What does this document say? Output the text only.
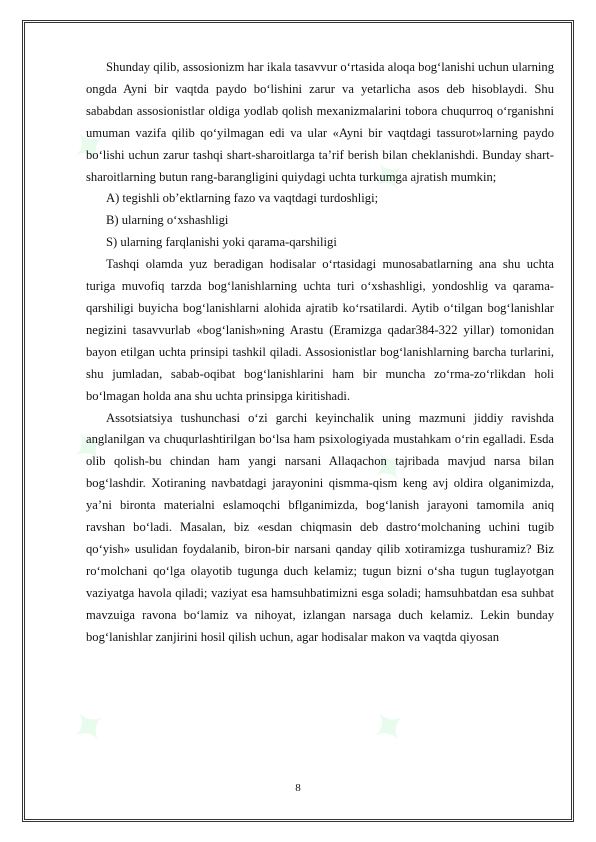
✦	✦
✦	✦
✦	✦

Shunday qilib, assosionizm har ikala tasavvur o‘rtasida aloqa bog‘lanishi uchun ularning ongda Ayni bir vaqtda paydo bo‘lishini zarur va yetarlicha asos deb hisoblaydi. Shu sababdan assosionistlar oldiga yodlab qolish mexanizmalarini tobora chuqurroq o‘rganishni umuman vazifa qilib qo‘yilmagan edi va ular «Ayni bir vaqtdagi tassurot»larning paydo bo‘lishi uchun zarur tashqi shart-sharoitlarga ta’rif berish bilan cheklanishdi. Bunday shart-sharoitlarning butun rang-barangligini quiydagi uchta turkumga ajratish mumkin;

A) tegishli ob’ektlarning fazo va vaqtdagi turdoshligi;

B) ularning o‘xshashligi

S) ularning farqlanishi yoki qarama-qarshiligi

Tashqi olamda yuz beradigan hodisalar o‘rtasidagi munosabatlarning ana shu uchta turiga muvofiq tarzda bog‘lanishlarning uchta turi o‘xshashligi, yondoshlig va qarama- qarshiligi buyicha bog‘lanishlarni alohida ajratib ko‘rsatilardi. Aytib o‘tilgan bog‘lanishlar negizini tasavvurlab «bog‘lanish»ning Arastu (Eramizga qadar384-322 yillar) tomonidan bayon etilgan uchta prinsipi tashkil qiladi. Assosionistlar bog‘lanishlarning barcha turlarini, shu jumladan, sabab-oqibat bog‘lanishlarini ham bir muncha zo‘rma-zo‘rlikdan holi bo‘lmagan holda ana shu uchta prinsipga kiritishadi.

Assotsiatsiya tushunchasi o‘zi garchi keyinchalik uning mazmuni jiddiy ravishda anglanilgan va chuqurlashtirilgan bo‘lsa ham psixologiyada mustahkam o‘rin egalladi. Esda olib qolish-bu chindan ham yangi narsani Allaqachon tajribada mavjud narsa bilan bog‘lashdir. Xotiraning navbatdagi jarayonini qismma-qism keng avj oldira olganimizda, ya’ni bironta materialni eslamoqchi bflganimizda, bog‘lanish jarayoni tamomila aniq ravshan bo‘ladi. Masalan, biz «esdan chiqmasin deb dastro‘molchaning uchini tugib qo‘yish» usulidan foydalanib, biron-bir narsani qanday qilib xotiramizga tushuramiz? Biz ro‘molchani qo‘lga olayotib tugunga duch kelamiz; tugun bizni o‘sha tugun tuglayotgan vaziyatga havola qiladi; vaziyat esa hamsuhbatimizni esga soladi; hamsuhbatdan esa suhbat mavzuiga ravona bo‘lamiz va nihoyat, izlangan narsaga duch kelamiz. Lekin bunday bog‘lanishlar zanjirini hosil qilish uchun, agar hodisalar makon va vaqtda qiyosan

8
